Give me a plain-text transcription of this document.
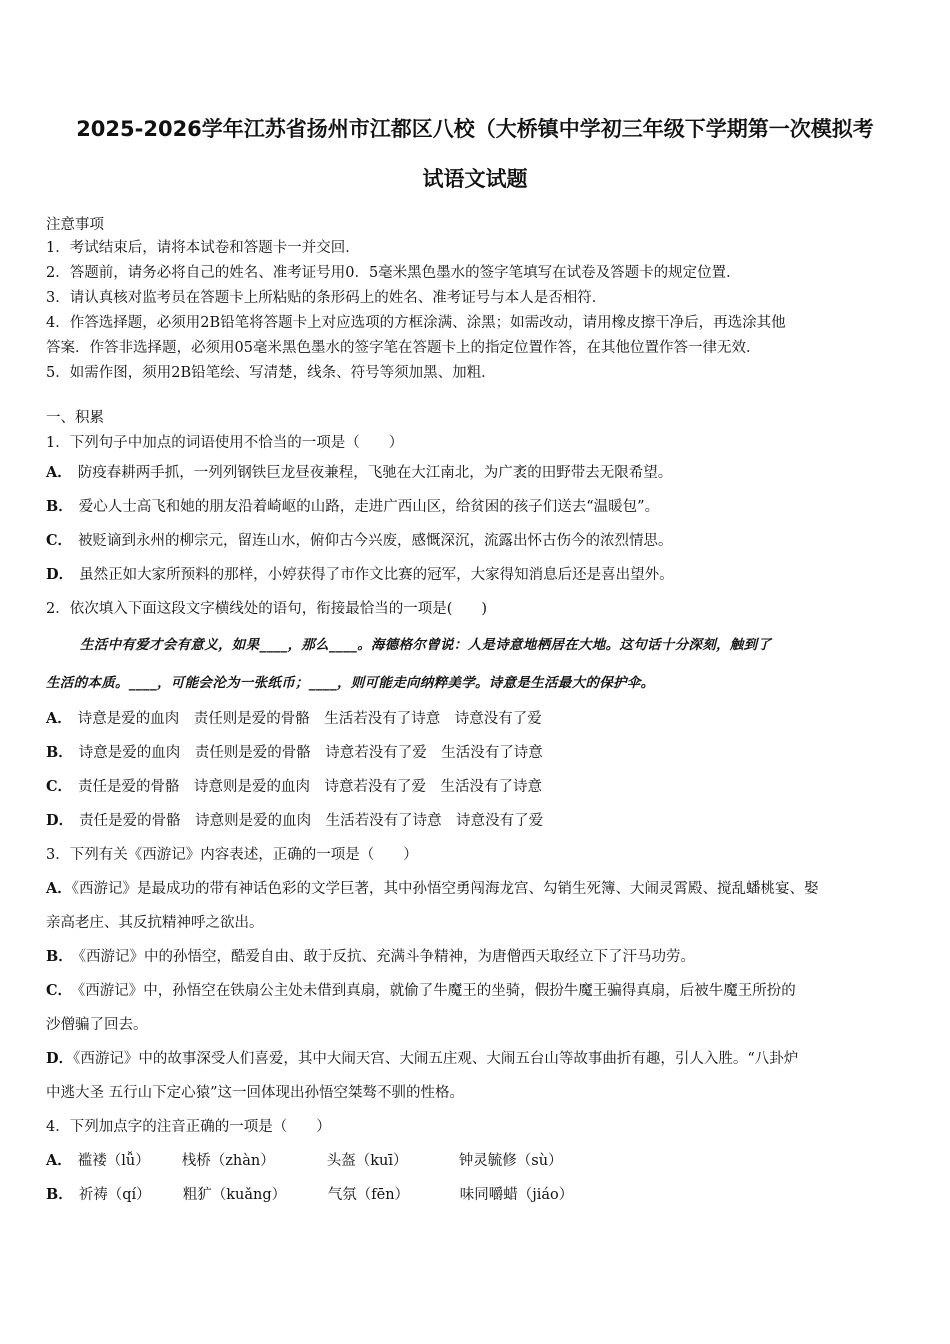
2025-2026学年江苏省扬州市江都区八校（大桥镇中学初三年级下学期第一次模拟考
试语文试题
注意事项
1．考试结束后，请将本试卷和答题卡一并交回．
2．答题前，请务必将自己的姓名、准考证号用0．5毫米黑色墨水的签字笔填写在试卷及答题卡的规定位置．
3．请认真核对监考员在答题卡上所粘贴的条形码上的姓名、准考证号与本人是否相符．
4．作答选择题，必须用2B铅笔将答题卡上对应选项的方框涂满、涂黑；如需改动，请用橡皮擦干净后，再选涂其他
答案．作答非选择题，必须用05毫米黑色墨水的签字笔在答题卡上的指定位置作答，在其他位置作答一律无效．
5．如需作图，须用2B铅笔绘、写清楚，线条、符号等须加黑、加粗．
一、积累
1．下列句子中加点的词语使用不恰当的一项是（　　）
A． 防疫春耕两手抓，一列列钢铁巨龙昼夜兼程，飞驰在大江南北，为广袤的田野带去无限希望。
B． 爱心人士高飞和她的朋友沿着崎岖的山路，走进广西山区，给贫困的孩子们送去“温暖包”。
C． 被贬谪到永州的柳宗元，留连山水，俯仰古今兴废，感慨深沉，流露出怀古伤今的浓烈情思。
D． 虽然正如大家所预料的那样，小婷获得了市作文比赛的冠军，大家得知消息后还是喜出望外。
2．依次填入下面这段文字横线处的语句，衔接最恰当的一项是(　　)
生活中有爱才会有意义，如果____，那么____。海德格尔曾说：人是诗意地栖居在大地。这句话十分深刻，触到了
生活的本质。____，可能会沦为一张纸币；____，则可能走向纳粹美学。诗意是生活最大的保护伞。
A． 诗意是爱的血肉　 责任则是爱的骨骼　 生活若没有了诗意　 诗意没有了爱
B． 诗意是爱的血肉　 责任则是爱的骨骼　 诗意若没有了爱　 生活没有了诗意
C． 责任是爱的骨骼　 诗意则是爱的血肉　 诗意若没有了爱　 生活没有了诗意
D． 责任是爱的骨骼　 诗意则是爱的血肉　 生活若没有了诗意　 诗意没有了爱
3．下列有关《西游记》内容表述，正确的一项是（　　）
A．《西游记》是最成功的带有神话色彩的文学巨著，其中孙悟空勇闯海龙宫、勾销生死簿、大闹灵霄殿、搅乱蟠桃宴、娶
亲高老庄、其反抗精神呼之欲出。
B． 《西游记》中的孙悟空，酷爱自由、敢于反抗、充满斗争精神，为唐僧西天取经立下了汗马功劳。
C． 《西游记》中，孙悟空在铁扇公主处未借到真扇，就偷了牛魔王的坐骑，假扮牛魔王骗得真扇，后被牛魔王所扮的
沙僧骗了回去。
D．《西游记》中的故事深受人们喜爱，其中大闹天宫、大闹五庄观、大闹五台山等故事曲折有趣，引人入胜。“八卦炉
中逃大圣 五行山下定心猿”这一回体现出孙悟空桀骜不驯的性格。
4．下列加点字的注音正确的一项是（　　）
A． 褴褛（lǚ）	栈桥（zhàn）	头盔（kuī）	钟灵毓修（sù）
B． 祈祷（qí）	粗犷（kuǎng）	气氛（fēn）	味同嚼蜡（jiáo）
